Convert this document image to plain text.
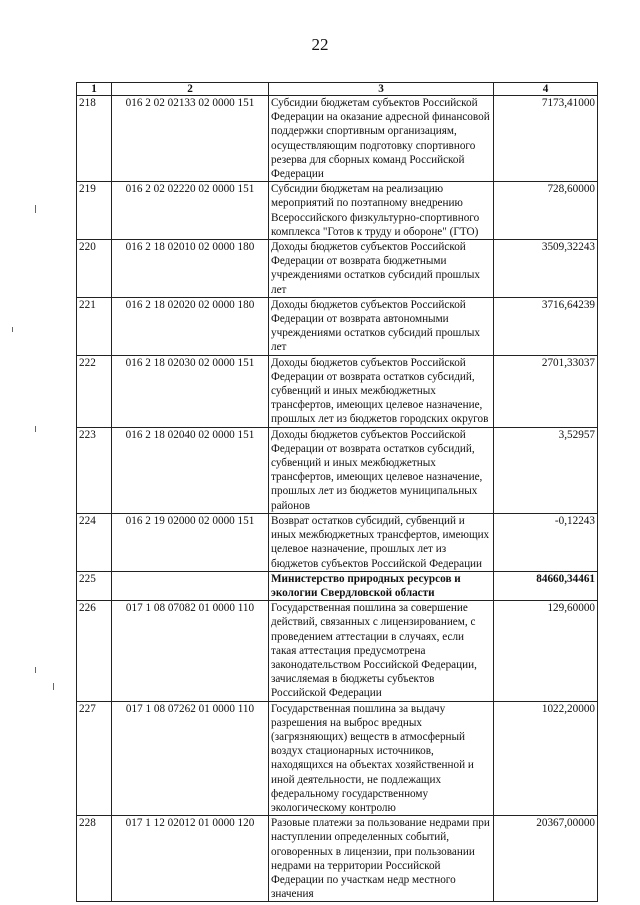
22
1	2	3	4
218	016 2 02 02133 02 0000 151	Субсидии бюджетам субъектов Российской Федерации на оказание адресной финансовой поддержки спортивным организациям, осуществляющим подготовку спортивного резерва для сборных команд Российской Федерации	7173,41000
219	016 2 02 02220 02 0000 151	Субсидии бюджетам на реализацию мероприятий по поэтапному внедрению Всероссийского физкультурно-спортивного комплекса "Готов к труду и обороне" (ГТО)	728,60000
220	016 2 18 02010 02 0000 180	Доходы бюджетов субъектов Российской Федерации от возврата бюджетными учреждениями остатков субсидий прошлых лет	3509,32243
221	016 2 18 02020 02 0000 180	Доходы бюджетов субъектов Российской Федерации от возврата автономными учреждениями остатков субсидий прошлых лет	3716,64239
222	016 2 18 02030 02 0000 151	Доходы бюджетов субъектов Российской Федерации от возврата остатков субсидий, субвенций и иных межбюджетных трансфертов, имеющих целевое назначение, прошлых лет из бюджетов городских округов	2701,33037
223	016 2 18 02040 02 0000 151	Доходы бюджетов субъектов Российской Федерации от возврата остатков субсидий, субвенций и иных межбюджетных трансфертов, имеющих целевое назначение, прошлых лет из бюджетов муниципальных районов	3,52957
224	016 2 19 02000 02 0000 151	Возврат остатков субсидий, субвенций и иных межбюджетных трансфертов, имеющих целевое назначение, прошлых лет из бюджетов субъектов Российской Федерации	-0,12243
225		Министерство природных ресурсов и экологии Свердловской области	84660,34461
226	017 1 08 07082 01 0000 110	Государственная пошлина за совершение действий, связанных с лицензированием, с проведением аттестации в случаях, если такая аттестация предусмотрена законодательством Российской Федерации, зачисляемая в бюджеты субъектов Российской Федерации	129,60000
227	017 1 08 07262 01 0000 110	Государственная пошлина за выдачу разрешения на выброс вредных (загрязняющих) веществ в атмосферный воздух стационарных источников, находящихся на объектах хозяйственной и иной деятельности, не подлежащих федеральному государственному экологическому контролю	1022,20000
228	017 1 12 02012 01 0000 120	Разовые платежи за пользование недрами при наступлении определенных событий, оговоренных в лицензии, при пользовании недрами на территории Российской Федерации по участкам недр местного значения	20367,00000
